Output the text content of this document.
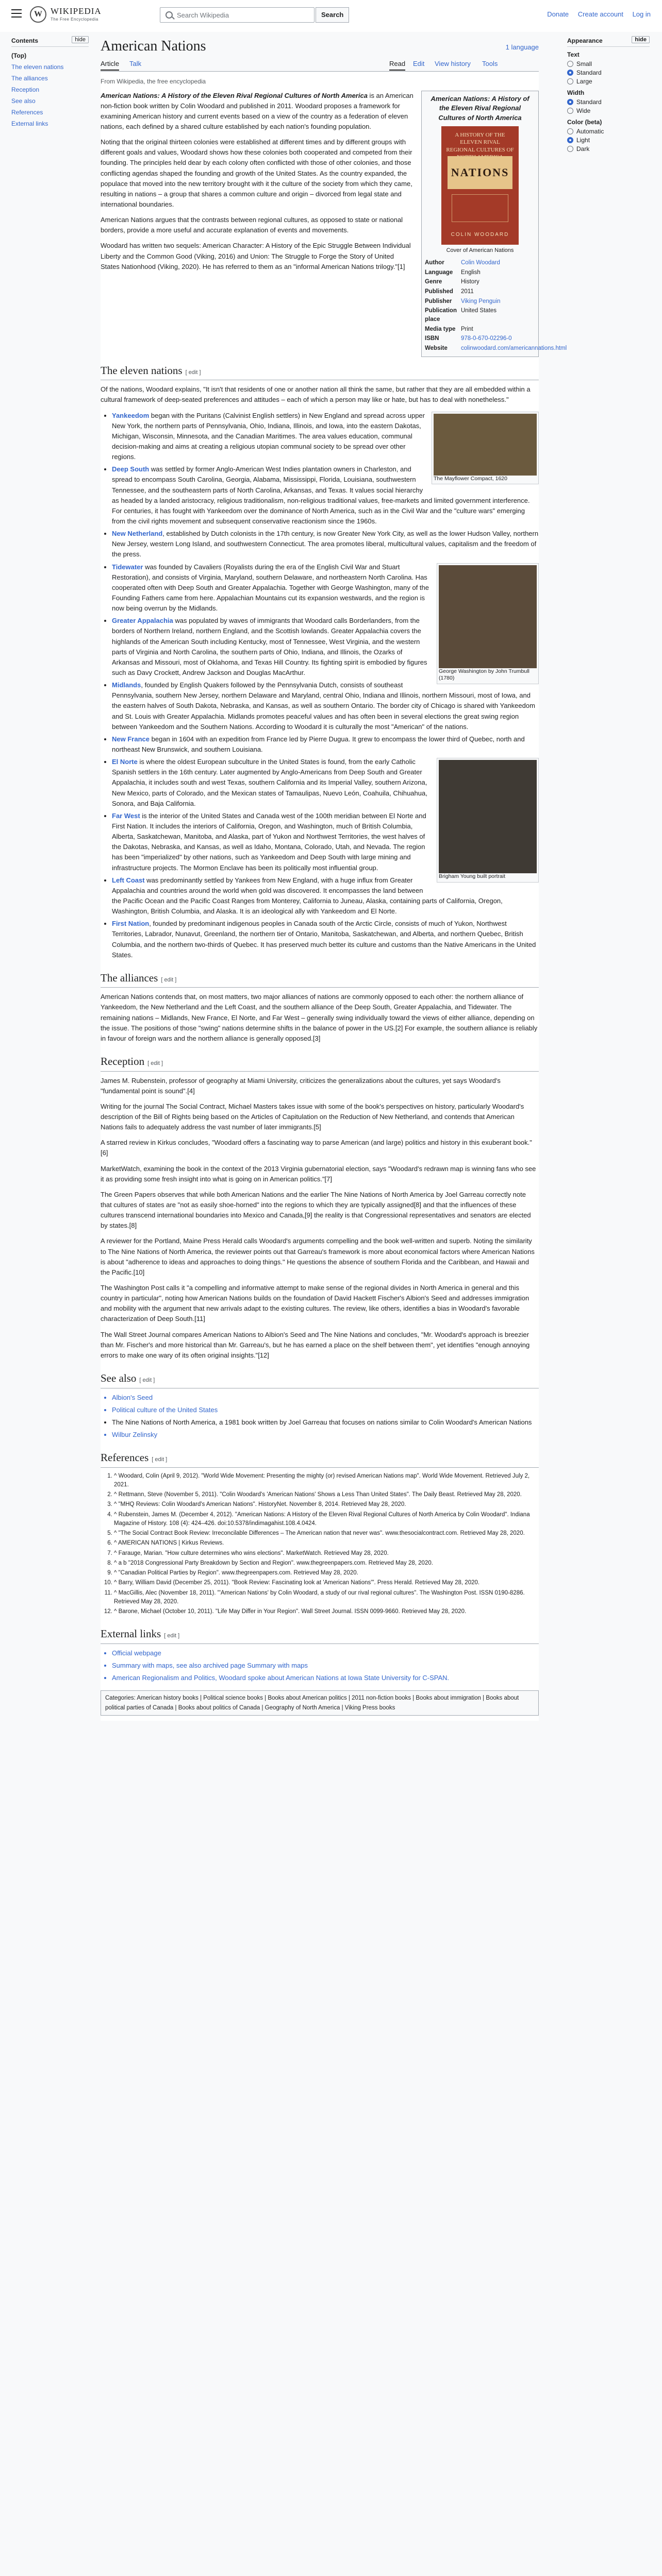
W WIKIPEDIA
The Free Encyclopedia
Search Wikipedia	Search	Donate Create account Log in
Contents	hide
(Top)
The eleven nations
The alliances
Reception
See also
References
External links
Appearance	hide
Text
Small
Standard
Large
Width
Standard
Wide
Color (beta)
Automatic
Light
Dark
American Nations	1 language
Article Talk	Read Edit View history Tools
From Wikipedia, the free encyclopedia
American Nations: A History of the Eleven Rival Regional Cultures of North America
A HISTORY OF THE ELEVEN RIVAL REGIONAL CULTURES OF
NATIONS
COLIN WOODARD
Cover of American Nations
Author	Colin Woodard
Language	English
Genre	History
Published	2011
Publisher	Viking Penguin
Publication place
United States
Media type Print
ISBN	978-0-670-02296-0
Website	colinwoodard.com/americannations.html

American Nations: A History of the Eleven Rival Regional Cultures of North America is an American non-fiction book written by Colin Woodard and published in 2011. Woodard proposes a framework for examining American history and current events based on a view of the country as a federation of eleven nations, each defined by a shared culture established by each nation's founding population.

Noting that the original thirteen colonies were established at different times and by different groups with different goals and values, Woodard shows how these colonies both cooperated and competed from their founding. The principles held dear by each colony often conflicted with those of other colonies, and those conflicting agendas shaped the founding and growth of the United States. As the country expanded, the populace that moved into the new territory brought with it the culture of the society from which they came, resulting in nations – a group that shares a common culture and origin – divorced from legal state and international boundaries.

American Nations argues that the contrasts between regional cultures, as opposed to state or national borders, provide a more useful and accurate explanation of events and movements.

Woodard has written two sequels: American Character: A History of the Epic Struggle Between Individual Liberty and the Common Good (Viking, 2016) and Union: The Struggle to Forge the Story of United States Nationhood (Viking, 2020). He has referred to them as an "informal American Nations trilogy."[1]

The eleven nations [ edit ]

Of the nations, Woodard explains, "It isn't that residents of one or another nation all think the same, but rather that they are all embedded within a cultural framework of deep-seated preferences and attitudes – each of which a person may like or hate, but has to deal with nonetheless."

The Mayflower Compact, 1620
• Yankeedom began with the Puritans (Calvinist English settlers) in New England and spread across upper New York, the northern parts of Pennsylvania, Ohio, Indiana, Illinois, and Iowa, into the eastern Dakotas, Michigan, Wisconsin, Minnesota, and the Canadian Maritimes. The area values education, communal decision-making and aims at creating a religious utopian communal society to be spread over other regions.
• Deep South was settled by former Anglo-American West Indies plantation owners in Charleston, and spread to encompass South Carolina, Georgia, Alabama, Mississippi, Florida, Louisiana, southwestern Tennessee, and the southeastern parts of North Carolina, Arkansas, and Texas. It values social hierarchy as headed by a landed aristocracy, religious traditionalism, non-religious traditional values, free-markets and limited government interference. For centuries, it has fought with Yankeedom over the dominance of North America, such as in the Civil War and the "culture wars" emerging from the civil rights movement and subsequent conservative reactionism since the 1960s.
• New Netherland, established by Dutch colonists in the 17th century, is now Greater New York City, as well as the lower Hudson Valley, northern New Jersey, western Long Island, and southwestern Connecticut. The area promotes liberal, multicultural values, capitalism and the freedom of the press.
• George Washington by John Trumbull (1780)
Tidewater was founded by Cavaliers (Royalists during the era of the English Civil War and Stuart Restoration), and consists of Virginia, Maryland, southern Delaware, and northeastern North Carolina. Has cooperated often with Deep South and Greater Appalachia. Together with George Washington, many of the Founding Fathers came from here. Appalachian Mountains cut its expansion westwards, and the region is now being overrun by the Midlands.
• Greater Appalachia was populated by waves of immigrants that Woodard calls Borderlanders, from the borders of Northern Ireland, northern England, and the Scottish lowlands. Greater Appalachia covers the highlands of the American South including Kentucky, most of Tennessee, West Virginia, and the western parts of Virginia and North Carolina, the southern parts of Ohio, Indiana, and Illinois, the Ozarks of Arkansas and Missouri, most of Oklahoma, and Texas Hill Country. Its fighting spirit is embodied by figures such as Davy Crockett, Andrew Jackson and Douglas MacArthur.
• Midlands, founded by English Quakers followed by the Pennsylvania Dutch, consists of southeast Pennsylvania, southern New Jersey, northern Delaware and Maryland, central Ohio, Indiana and Illinois, northern Missouri, most of Iowa, and the eastern halves of South Dakota, Nebraska, and Kansas, as well as southern Ontario. The border city of Chicago is shared with Yankeedom and St. Louis with Greater Appalachia. Midlands promotes peaceful values and has often been in several elections the great swing region between Yankeedom and the Southern Nations. According to Woodard it is culturally the most "American" of the nations.
• New France began in 1604 with an expedition from France led by Pierre Dugua. It grew to encompass the lower third of Quebec, north and northeast New Brunswick, and southern Louisiana.
• Brigham Young built portrait
El Norte is where the oldest European subculture in the United States is found, from the early Catholic Spanish settlers in the 16th century. Later augmented by Anglo-Americans from Deep South and Greater Appalachia, it includes south and west Texas, southern California and its Imperial Valley, southern Arizona, New Mexico, parts of Colorado, and the Mexican states of Tamaulipas, Nuevo León, Coahuila, Chihuahua, Sonora, and Baja California.
• Far West is the interior of the United States and Canada west of the 100th meridian between El Norte and First Nation. It includes the interiors of California, Oregon, and Washington, much of British Columbia, Alberta, Saskatchewan, Manitoba, and Alaska, part of Yukon and Northwest Territories, the west halves of the Dakotas, Nebraska, and Kansas, as well as Idaho, Montana, Colorado, Utah, and Nevada. The region has been "imperialized" by other nations, such as Yankeedom and Deep South with large mining and infrastructure projects. The Mormon Enclave has been its politically most influential group.
• Left Coast was predominantly settled by Yankees from New England, with a huge influx from Greater Appalachia and countries around the world when gold was discovered. It encompasses the land between the Pacific Ocean and the Pacific Coast Ranges from Monterey, California to Juneau, Alaska, containing parts of California, Oregon, Washington, British Columbia, and Alaska. It is an ideological ally with Yankeedom and El Norte.
• First Nation, founded by predominant indigenous peoples in Canada south of the Arctic Circle, consists of much of Yukon, Northwest Territories, Labrador, Nunavut, Greenland, the northern tier of Ontario, Manitoba, Saskatchewan, and Alberta, and northern Quebec, British Columbia, and the northern two-thirds of Quebec. It has preserved much better its culture and customs than the Native Americans in the United States.
The alliances [ edit ]

American Nations contends that, on most matters, two major alliances of nations are commonly opposed to each other: the northern alliance of Yankeedom, the New Netherland and the Left Coast, and the southern alliance of the Deep South, Greater Appalachia, and Tidewater. The remaining nations – Midlands, New France, El Norte, and Far West – generally swing individually toward the views of either alliance, depending on the issue. The positions of those "swing" nations determine shifts in the balance of power in the US.[2] For example, the southern alliance is reliably in favour of foreign wars and the northern alliance is generally opposed.[3]

Reception [ edit ]

James M. Rubenstein, professor of geography at Miami University, criticizes the generalizations about the cultures, yet says Woodard's "fundamental point is sound".[4]

Writing for the journal The Social Contract, Michael Masters takes issue with some of the book's perspectives on history, particularly Woodard's description of the Bill of Rights being based on the Articles of Capitulation on the Reduction of New Netherland, and contends that American Nations fails to adequately address the vast number of later immigrants.[5]

A starred review in Kirkus concludes, "Woodard offers a fascinating way to parse American (and large) politics and history in this exuberant book."[6]

MarketWatch, examining the book in the context of the 2013 Virginia gubernatorial election, says "Woodard's redrawn map is winning fans who see it as providing some fresh insight into what is going on in American politics."[7]

The Green Papers observes that while both American Nations and the earlier The Nine Nations of North America by Joel Garreau correctly note that cultures of states are "not as easily shoe-horned" into the regions to which they are typically assigned[8] and that the influences of these cultures transcend international boundaries into Mexico and Canada,[9] the reality is that Congressional representatives and senators are elected by states.[8]

A reviewer for the Portland, Maine Press Herald calls Woodard's arguments compelling and the book well-written and superb. Noting the similarity to The Nine Nations of North America, the reviewer points out that Garreau's framework is more about economical factors where American Nations is about "adherence to ideas and approaches to doing things." He questions the absence of southern Florida and the Caribbean, and Hawaii and the Pacific.[10]

The Washington Post calls it "a compelling and informative attempt to make sense of the regional divides in North America in general and this country in particular", noting how American Nations builds on the foundation of David Hackett Fischer's Albion's Seed and addresses immigration and mobility with the argument that new arrivals adapt to the existing cultures. The review, like others, identifies a bias in Woodard's favorable characterization of Deep South.[11]

The Wall Street Journal compares American Nations to Albion's Seed and The Nine Nations and concludes, "Mr. Woodard's approach is breezier than Mr. Fischer's and more historical than Mr. Garreau's, but he has earned a place on the shelf between them", yet identifies "enough annoying errors to make one wary of its often original insights."[12]

See also [ edit ]
• Albion's Seed
• Political culture of the United States
• The Nine Nations of North America, a 1981 book written by Joel Garreau that focuses on nations similar to Colin Woodard's American Nations
• Wilbur Zelinsky
References [ edit ]
1. ^ Woodard, Colin (April 9, 2012). "World Wide Movement: Presenting the mighty (or) revised American Nations map". World Wide Movement. Retrieved July 2, 2021.
2. ^ Rettmann, Steve (November 5, 2011). "Colin Woodard's 'American Nations' Shows a Less Than United States". The Daily Beast. Retrieved May 28, 2020.
3. ^ "MHQ Reviews: Colin Woodard's American Nations". HistoryNet. November 8, 2014. Retrieved May 28, 2020.
4. ^ Rubenstein, James M. (December 4, 2012). "American Nations: A History of the Eleven Rival Regional Cultures of North America by Colin Woodard". Indiana Magazine of History. 108 (4): 424–426. doi:10.5378/indimagahist.108.4.0424.
5. ^ "The Social Contract Book Review: Irreconcilable Differences – The American nation that never was". www.thesocialcontract.com. Retrieved May 28, 2020.
6. ^ AMERICAN NATIONS | Kirkus Reviews.
7. ^ Farauge, Marian. "How culture determines who wins elections". MarketWatch. Retrieved May 28, 2020.
8. ^ a b "2018 Congressional Party Breakdown by Section and Region". www.thegreenpapers.com. Retrieved May 28, 2020.
9. ^ "Canadian Political Parties by Region". www.thegreenpapers.com. Retrieved May 28, 2020.
10. ^ Barry, William David (December 25, 2011). "Book Review: Fascinating look at 'American Nations'". Press Herald. Retrieved May 28, 2020.
11. ^ MacGillis, Alec (November 18, 2011). "'American Nations' by Colin Woodard, a study of our rival regional cultures". The Washington Post. ISSN 0190-8286. Retrieved May 28, 2020.
12. ^ Barone, Michael (October 10, 2011). "Life May Differ in Your Region". Wall Street Journal. ISSN 0099-9660. Retrieved May 28, 2020.
External links [ edit ]
• Official webpage
• Summary with maps, see also archived page Summary with maps
• American Regionalism and Politics, Woodard spoke about American Nations at Iowa State University for C-SPAN.
Categories: American history books | Political science books | Books about American politics | 2011 non-fiction books | Books about immigration | Books about political parties of Canada | Books about politics of Canada | Geography of North America | Viking Press books
